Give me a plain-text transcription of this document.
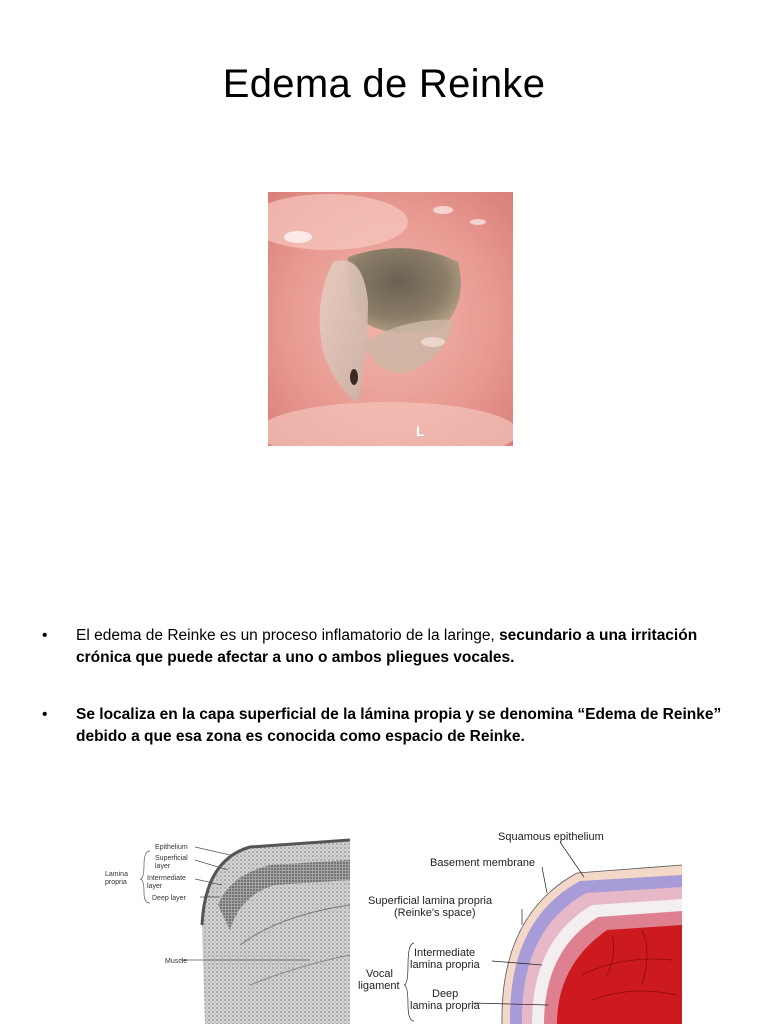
Edema de Reinke
L
• El edema de Reinke es un proceso inflamatorio de la laringe, secundario a una irritación crónica que puede afectar a uno o ambos pliegues vocales.
• Se localiza en la capa superficial de la lámina propia y se denomina “Edema de Reinke” debido a que esa zona es conocida como espacio de Reinke.
Epithelium
Superficial
layer
Intermediate
layer
Lamina
propria
Deep layer
Muscle
Squamous epithelium
Basement membrane
Superficial lamina propria
(Reinke's space)
Intermediate
lamina propria
Deep
lamina propria
Vocal
ligament
